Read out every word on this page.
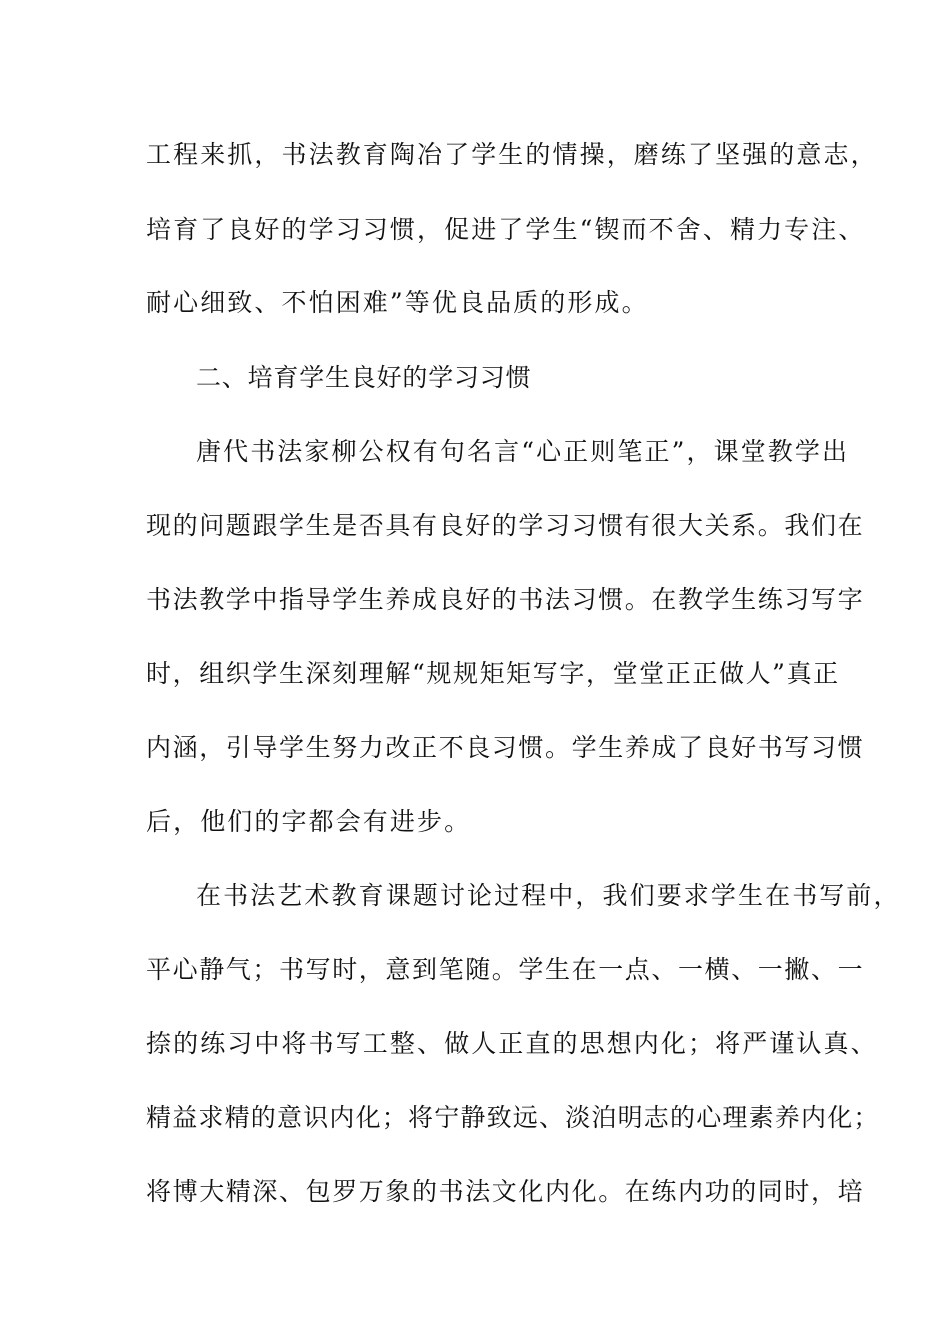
工程来抓，书法教育陶冶了学生的情操，磨练了坚强的意志，
培育了良好的学习习惯，促进了学生“锲而不舍、精力专注、
耐心细致、不怕困难”等优良品质的形成。
二、培育学生良好的学习习惯
唐代书法家柳公权有句名言“心正则笔正”，课堂教学出
现的问题跟学生是否具有良好的学习习惯有很大关系。我们在
书法教学中指导学生养成良好的书法习惯。在教学生练习写字
时，组织学生深刻理解“规规矩矩写字，堂堂正正做人”真正
内涵，引导学生努力改正不良习惯。学生养成了良好书写习惯
后，他们的字都会有进步。
在书法艺术教育课题讨论过程中，我们要求学生在书写前，
平心静气；书写时，意到笔随。学生在一点、一横、一撇、一
捺的练习中将书写工整、做人正直的思想内化；将严谨认真、
精益求精的意识内化；将宁静致远、淡泊明志的心理素养内化；
将博大精深、包罗万象的书法文化内化。在练内功的同时，培
